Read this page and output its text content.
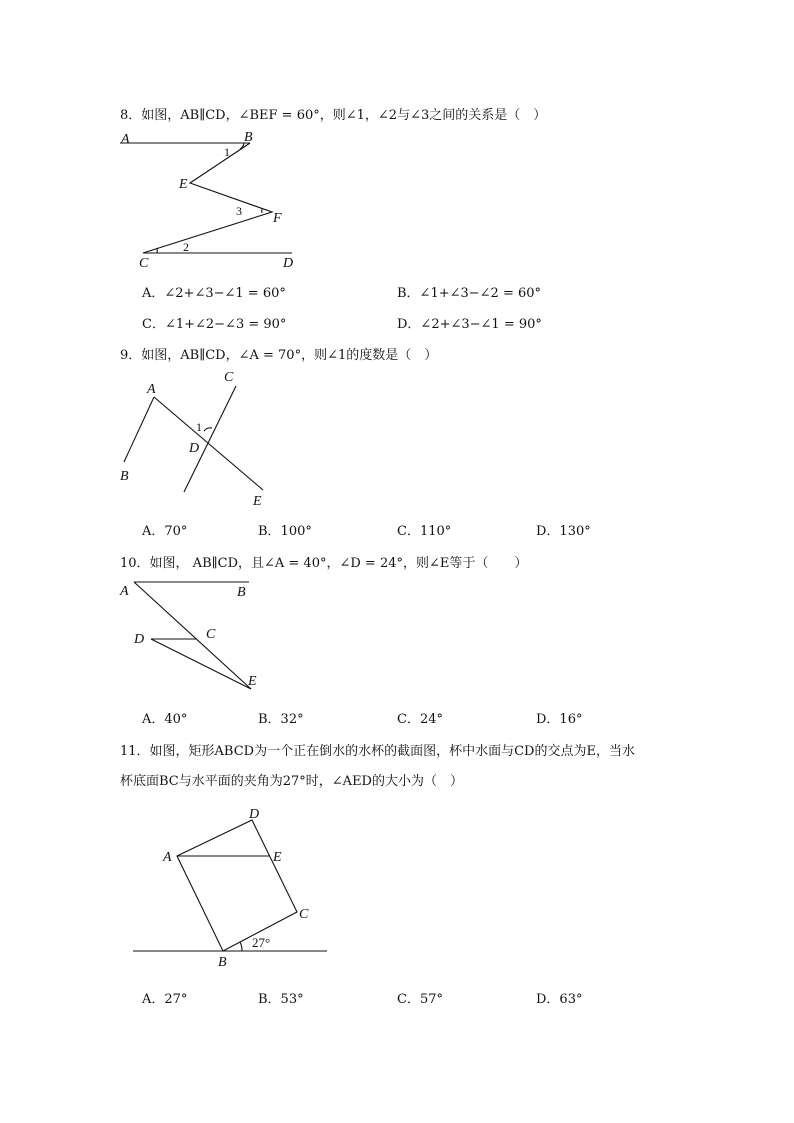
8．如图，AB∥CD，∠BEF = 60°，则∠1，∠2与∠3之间的关系是（　）
A	B
E
F
C	D
1
3
2
A．∠2+∠3−∠1 = 60°	B．∠1+∠3−∠2 = 60°
C．∠1+∠2−∠3 = 90°	D．∠2+∠3−∠1 = 90°
9．如图，AB∥CD，∠A = 70°，则∠1的度数是（　）
A
C
1
D
B
E
A．70°	B．100°	C．110°	D．130°
10．如图， AB∥CD，且∠A = 40°，∠D = 24°，则∠E等于（　　）
A	B
D	C
E
A．40°	B．32°	C．24°	D．16°
11．如图，矩形ABCD为一个正在倒水的水杯的截面图，杯中水面与CD的交点为E，当水
杯底面BC与水平面的夹角为27°时，∠AED的大小为（　）
A
D
E
C
B
27°
A．27°	B．53°	C．57°	D．63°
